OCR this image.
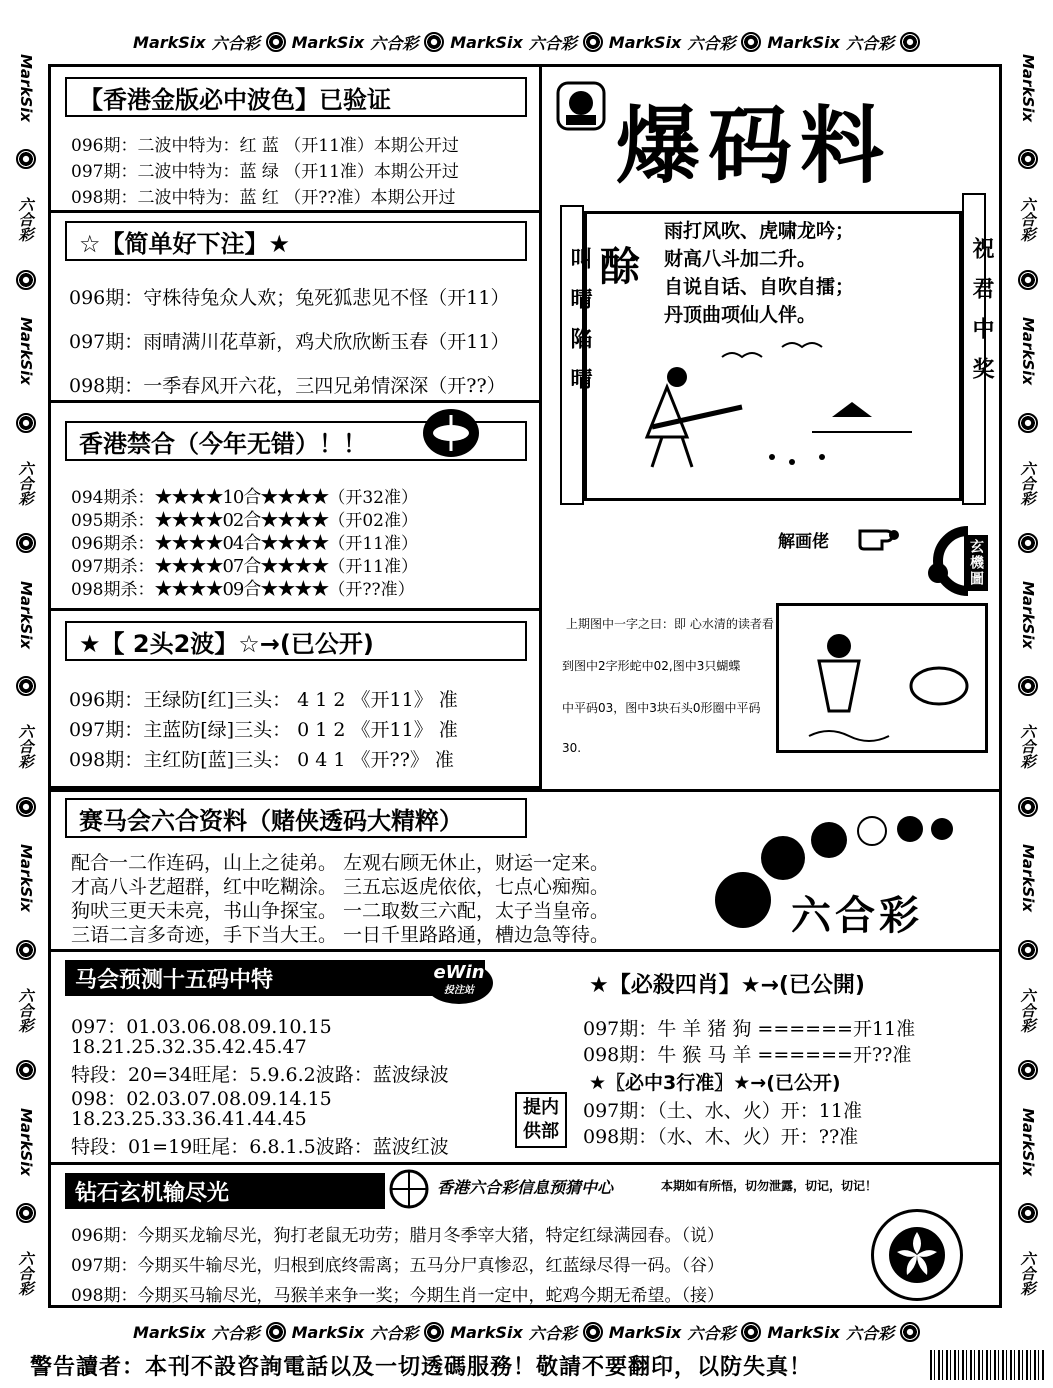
MarkSix 六合彩 MarkSix 六合彩 MarkSix 六合彩 MarkSix 六合彩 MarkSix 六合彩
MarkSix 六合彩 MarkSix 六合彩 MarkSix 六合彩 MarkSix 六合彩 MarkSix 六合彩
MarkSix
六合彩
MarkSix
六合彩
MarkSix
六合彩
MarkSix
六合彩
MarkSix
六合彩
MarkSix
六合彩
MarkSix
六合彩
MarkSix
六合彩
MarkSix
六合彩
MarkSix
六合彩
【香港金版必中波色】已验证
096期：二波中特为：红 蓝 （开11准）本期公开过
097期：二波中特为：蓝 绿 （开11准）本期公开过
098期：二波中特为：蓝 红 （开??准）本期公开过
☆【简单好下注】★
096期：守株待兔众人欢；兔死狐悲见不怪（开11）
097期：雨晴满川花草新，鸡犬欣欣断玉春（开11）
098期：一季春风开六花，三四兄弟情深深（开??）
香港禁合（今年无错）！！
094期杀：★★★★10合★★★★（开32准）
095期杀：★★★★02合★★★★（开02准）
096期杀：★★★★04合★★★★（开11准）
097期杀：★★★★07合★★★★（开11准）
098期杀：★★★★09合★★★★（开??准）
★【 2头2波】☆→(已公开)
096期：王绿防[红]三头： 4 1 2 《开11》 准
097期：主蓝防[绿]三头： 0 1 2 《开11》 准
098期：主红防[蓝]三头： 0 4 1 《开??》 准
爆码料
叫晴陷晴	祝君中奖
酴
雨打风吹、虎啸龙吟；
财高八斗加二升。
自说自话、自吹自擂；
丹顶曲项仙人伴。
解画佬	玄機圖
上期图中一字之曰：即 心水清的读者看
到图中2字形蛇中02,图中3只蝴蝶
中平码03，图中3块石头0形圈中平码
30.
赛马会六合资料（赌侠透码大精粹）
配合一二作连码，山上之徒弟。 左观右顾无休止，财运一定来。
才高八斗艺超群，红中吃糊涂。 三五忘返虎依依，七点心痴痴。
狗吠三更天未亮，书山争探宝。 一二取数三六配，太子当皇帝。
三语二言多奇迹，手下当大王。 一日千里路路通，槽边急等待。	六合彩
马会预测十五码中特	eWin
投注站
097：01.03.06.08.09.10.15
18.21.25.32.35.42.45.47
特段：20=34旺尾：5.9.6.2波路：蓝波绿波
098：02.03.07.08.09.14.15
18.23.25.33.36.41.44.45
特段：01=19旺尾：6.8.1.5波路：蓝波红波
★【必殺四肖】★→(已公開)
097期：牛 羊 猪 狗 ======开11准
098期：牛 猴 马 羊 ======开??准
★〖必中3行准〗★→(已公开)
097期：（土、水、火）开：11准
098期：（水、木、火）开：??准
提内供部
钻石玄机输尽光	香港六合彩信息预猜中心	本期如有所悟，切勿泄露，切记，切记！
096期：今期买龙输尽光，狗打老鼠无功劳；腊月冬季宰大猪，特定红绿满园春。（说）
097期：今期买牛输尽光，归根到底终需离；五马分尸真惨忍，红蓝绿尽得一码。（谷）
098期：今期买马输尽光，马猴羊来争一奖；今期生肖一定中，蛇鸡今期无希望。（接）
警告讀者：本刊不設咨詢電話以及一切透碼服務！敬請不要翻印，以防失真！
